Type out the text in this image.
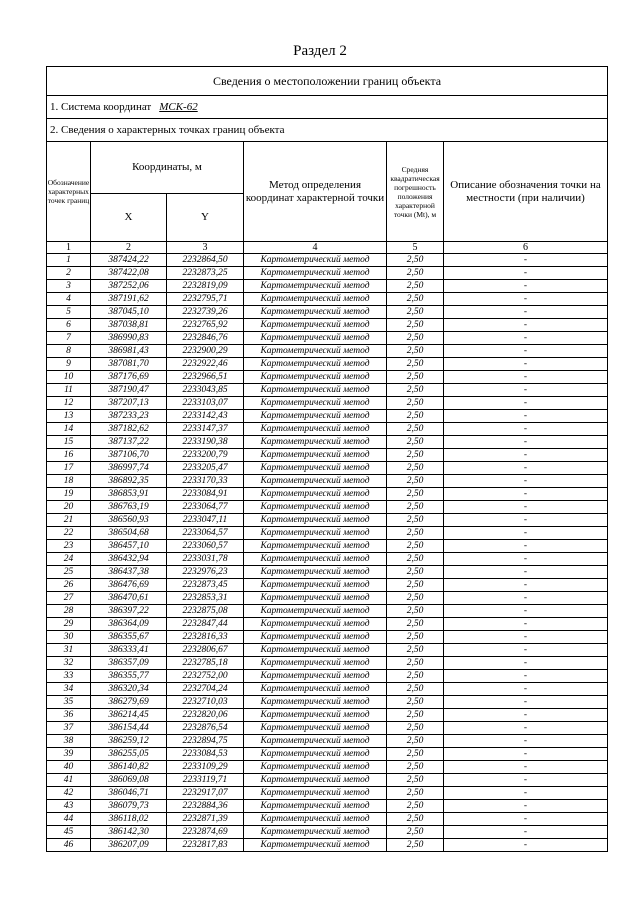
Раздел 2
Сведения о местоположении границ объекта					
1. Система координат МСК-62					
2. Сведения о характерных точках границ объекта					
Обозначение характерных точек границ	Координаты, м		Метод определения координат характерной точки	Средняя квадратическая погрешность положения характерной точки (Mt), м	Описание обозначения точки на местности (при наличии)
	X	Y			
1	2	3	4	5	6
1	387424,22	2232864,50	Картометрический метод	2,50	-
2	387422,08	2232873,25	Картометрический метод	2,50	-
3	387252,06	2232819,09	Картометрический метод	2,50	-
4	387191,62	2232795,71	Картометрический метод	2,50	-
5	387045,10	2232739,26	Картометрический метод	2,50	-
6	387038,81	2232765,92	Картометрический метод	2,50	-
7	386990,83	2232846,76	Картометрический метод	2,50	-
8	386981,43	2232900,29	Картометрический метод	2,50	-
9	387081,70	2232922,46	Картометрический метод	2,50	-
10	387176,69	2232966,51	Картометрический метод	2,50	-
11	387190,47	2233043,85	Картометрический метод	2,50	-
12	387207,13	2233103,07	Картометрический метод	2,50	-
13	387233,23	2233142,43	Картометрический метод	2,50	-
14	387182,62	2233147,37	Картометрический метод	2,50	-
15	387137,22	2233190,38	Картометрический метод	2,50	-
16	387106,70	2233200,79	Картометрический метод	2,50	-
17	386997,74	2233205,47	Картометрический метод	2,50	-
18	386892,35	2233170,33	Картометрический метод	2,50	-
19	386853,91	2233084,91	Картометрический метод	2,50	-
20	386763,19	2233064,77	Картометрический метод	2,50	-
21	386560,93	2233047,11	Картометрический метод	2,50	-
22	386504,68	2233064,57	Картометрический метод	2,50	-
23	386457,10	2233060,57	Картометрический метод	2,50	-
24	386432,94	2233031,78	Картометрический метод	2,50	-
25	386437,38	2232976,23	Картометрический метод	2,50	-
26	386476,69	2232873,45	Картометрический метод	2,50	-
27	386470,61	2232853,31	Картометрический метод	2,50	-
28	386397,22	2232875,08	Картометрический метод	2,50	-
29	386364,09	2232847,44	Картометрический метод	2,50	-
30	386355,67	2232816,33	Картометрический метод	2,50	-
31	386333,41	2232806,67	Картометрический метод	2,50	-
32	386357,09	2232785,18	Картометрический метод	2,50	-
33	386355,77	2232752,00	Картометрический метод	2,50	-
34	386320,34	2232704,24	Картометрический метод	2,50	-
35	386279,69	2232710,03	Картометрический метод	2,50	-
36	386214,45	2232820,06	Картометрический метод	2,50	-
37	386154,44	2232876,54	Картометрический метод	2,50	-
38	386259,12	2232894,75	Картометрический метод	2,50	-
39	386255,05	2233084,53	Картометрический метод	2,50	-
40	386140,82	2233109,29	Картометрический метод	2,50	-
41	386069,08	2233119,71	Картометрический метод	2,50	-
42	386046,71	2232917,07	Картометрический метод	2,50	-
43	386079,73	2232884,36	Картометрический метод	2,50	-
44	386118,02	2232871,39	Картометрический метод	2,50	-
45	386142,30	2232874,69	Картометрический метод	2,50	-
46	386207,09	2232817,83	Картометрический метод	2,50	-
